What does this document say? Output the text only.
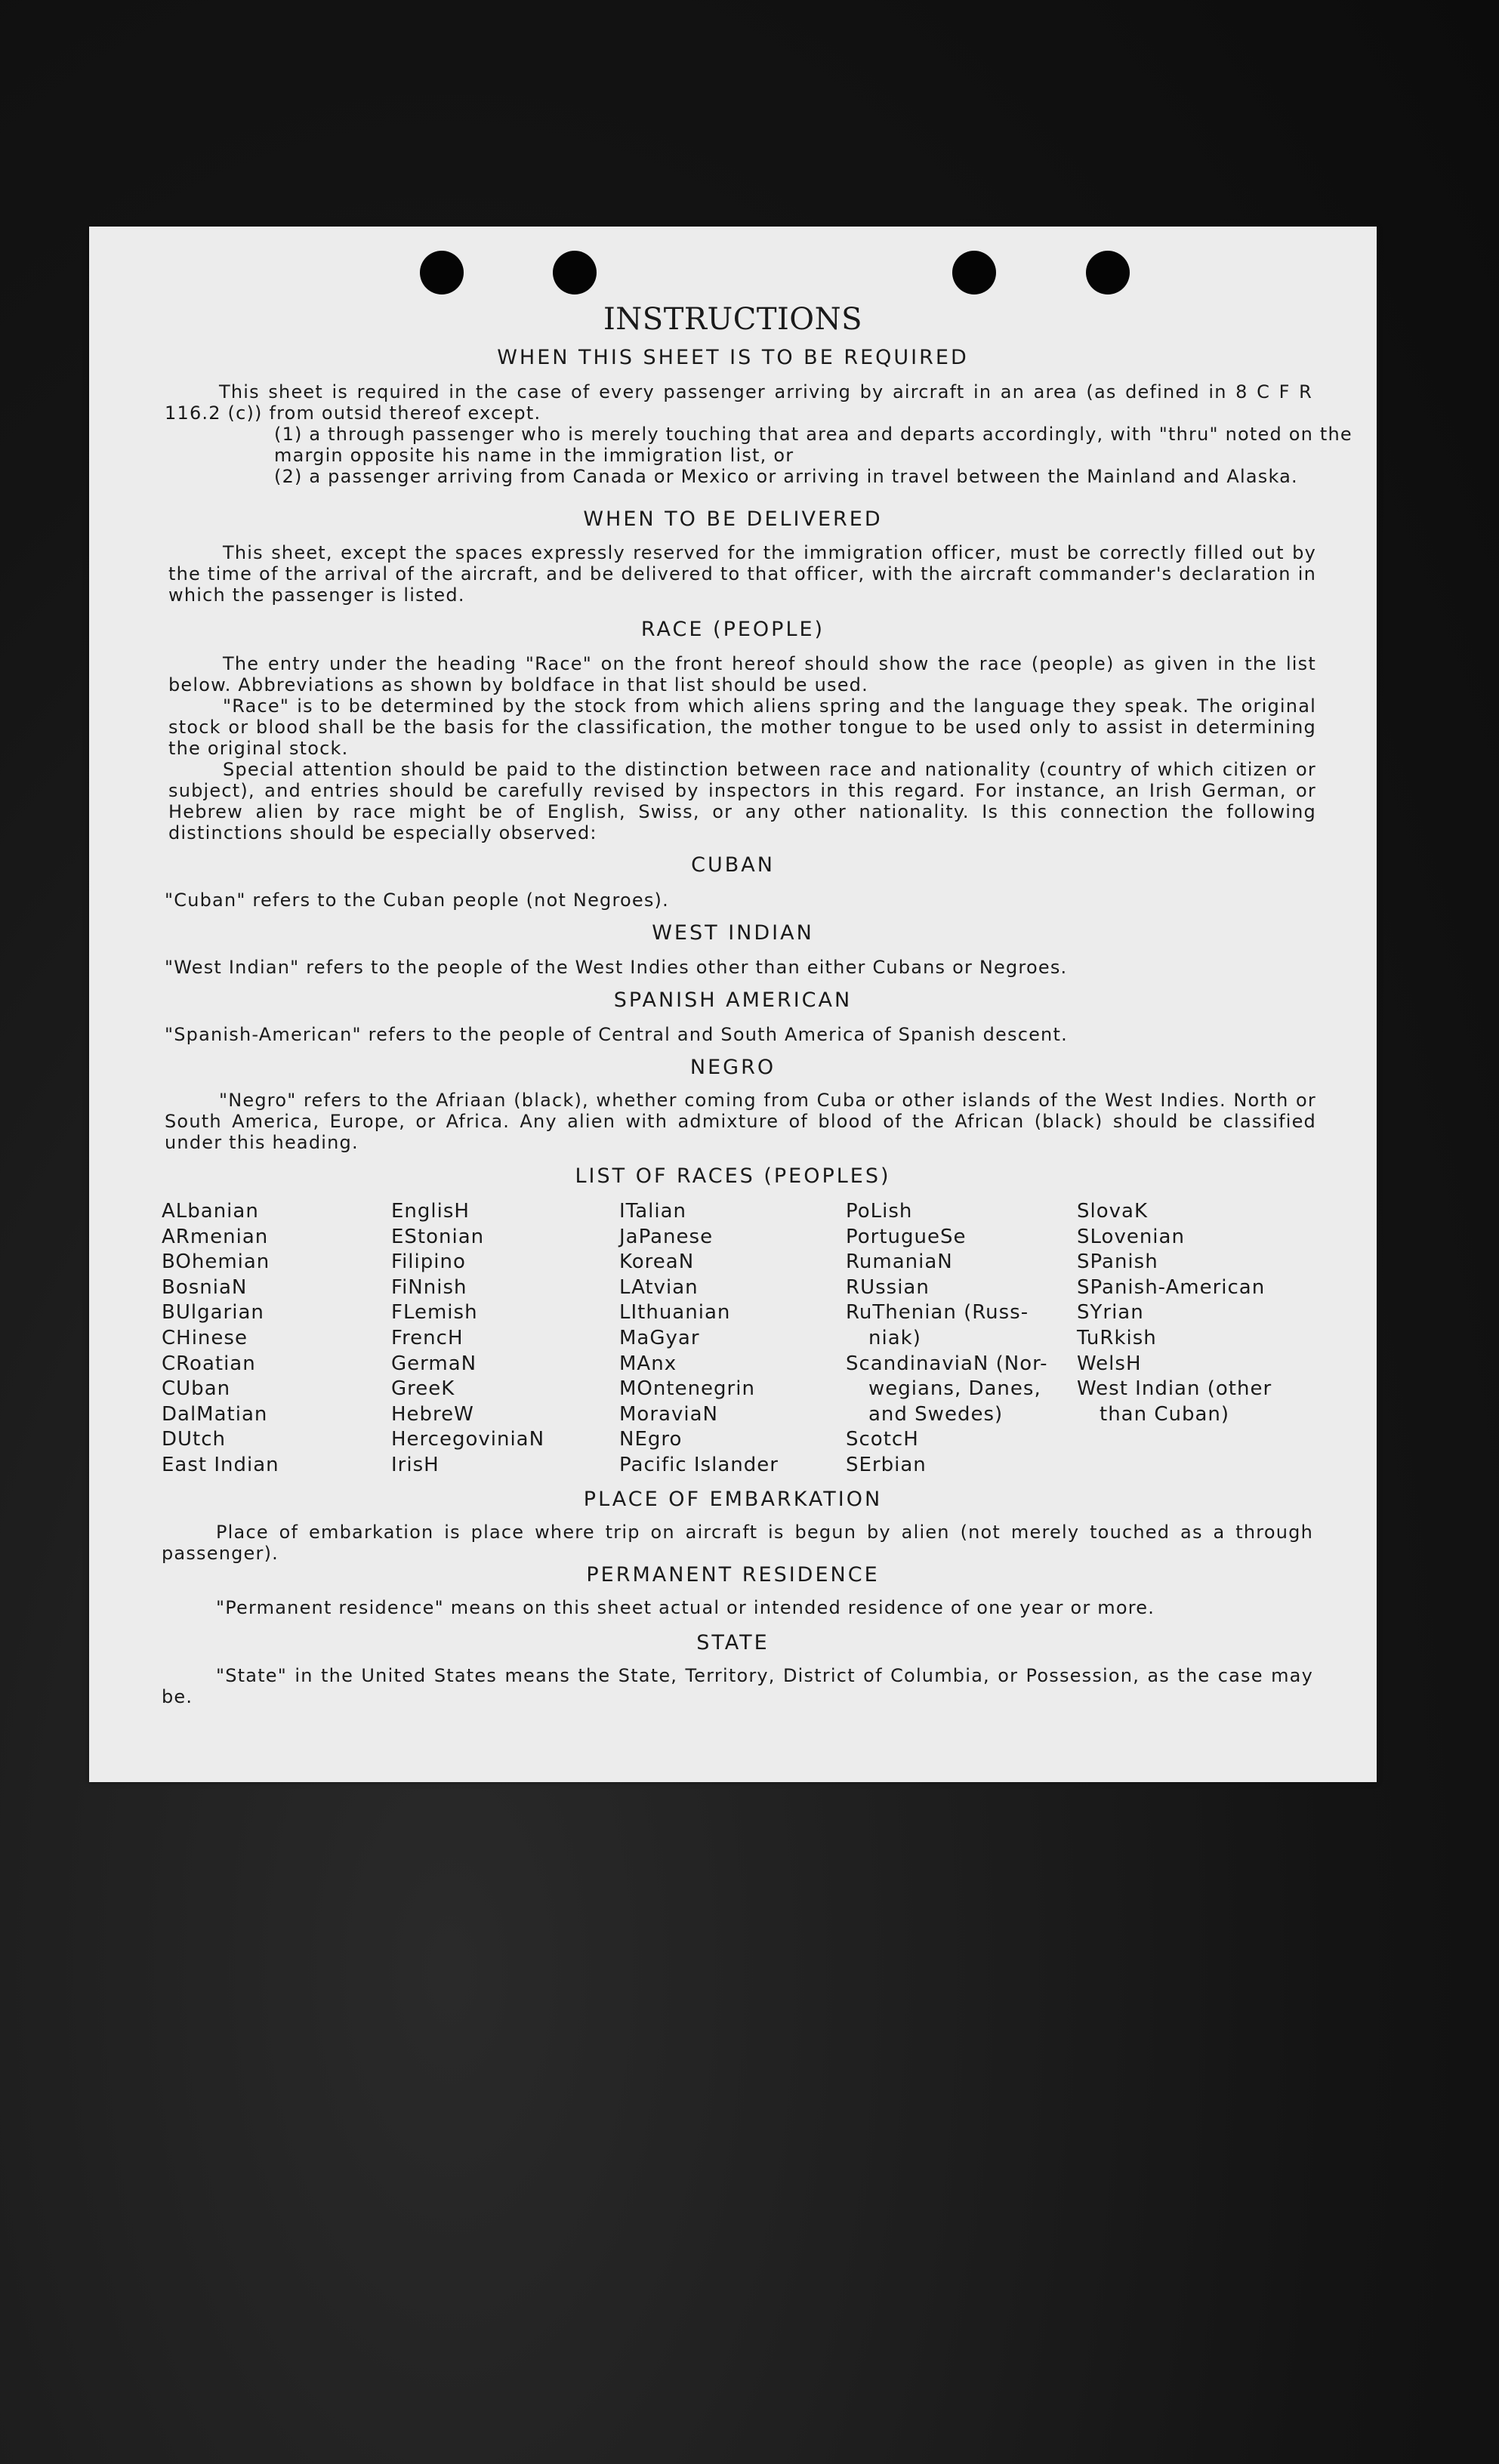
INSTRUCTIONS
WHEN THIS SHEET IS TO BE REQUIRED
This sheet is required in the case of every passenger arriving by aircraft in an area (as defined in 8 C F R 116.2 (c)) from outsid thereof except.
(1) a through passenger who is merely touching that area and departs accordingly, with "thru" noted on the margin opposite his name in the immigration list, or
(2) a passenger arriving from Canada or Mexico or arriving in travel between the Mainland and Alaska.
WHEN TO BE DELIVERED
This sheet, except the spaces expressly reserved for the immigration officer, must be correctly filled out by the time of the arrival of the aircraft, and be delivered to that officer, with the aircraft commander's declaration in which the passenger is listed.
RACE (PEOPLE)
The entry under the heading "Race" on the front hereof should show the race (people) as given in the list below. Abbreviations as shown by boldface in that list should be used.
"Race" is to be determined by the stock from which aliens spring and the language they speak. The original stock or blood shall be the basis for the classification, the mother tongue to be used only to assist in determining the original stock.
Special attention should be paid to the distinction between race and nationality (country of which citizen or subject), and entries should be carefully revised by inspectors in this regard. For instance, an Irish German, or Hebrew alien by race might be of English, Swiss, or any other nationality. Is this connection the following distinctions should be especially observed:
CUBAN
"Cuban" refers to the Cuban people (not Negroes).
WEST INDIAN
"West Indian" refers to the people of the West Indies other than either Cubans or Negroes.
SPANISH AMERICAN
"Spanish-American" refers to the people of Central and South America of Spanish descent.
NEGRO
"Negro" refers to the Afriaan (black), whether coming from Cuba or other islands of the West Indies. North or South America, Europe, or Africa. Any alien with admixture of blood of the African (black) should be classified under this heading.
LIST OF RACES (PEOPLES)
ALbanian
ARmenian
BOhemian
BosniaN
BUlgarian
CHinese
CRoatian
CUban
DalMatian
DUtch
East Indian
EnglisH
EStonian
Filipino
FiNnish
FLemish
FrencH
GermaN
GreeK
HebreW
HercegoviniaN
IrisH
ITalian
JaPanese
KoreaN
LAtvian
LIthuanian
MaGyar
MAnx
MOntenegrin
MoraviaN
NEgro
Pacific Islander
PoLish
PortugueSe
RumaniaN
RUssian
RuThenian (Russ-
niak)
ScandinaviaN (Nor-
wegians, Danes,
and Swedes)
ScotcH
SErbian
SlovaK
SLovenian
SPanish
SPanish-American
SYrian
TuRkish
WelsH
West Indian (other
than Cuban)
PLACE OF EMBARKATION
Place of embarkation is place where trip on aircraft is begun by alien (not merely touched as a through passenger).
PERMANENT RESIDENCE
"Permanent residence" means on this sheet actual or intended residence of one year or more.
STATE
"State" in the United States means the State, Territory, District of Columbia, or Possession, as the case may be.
